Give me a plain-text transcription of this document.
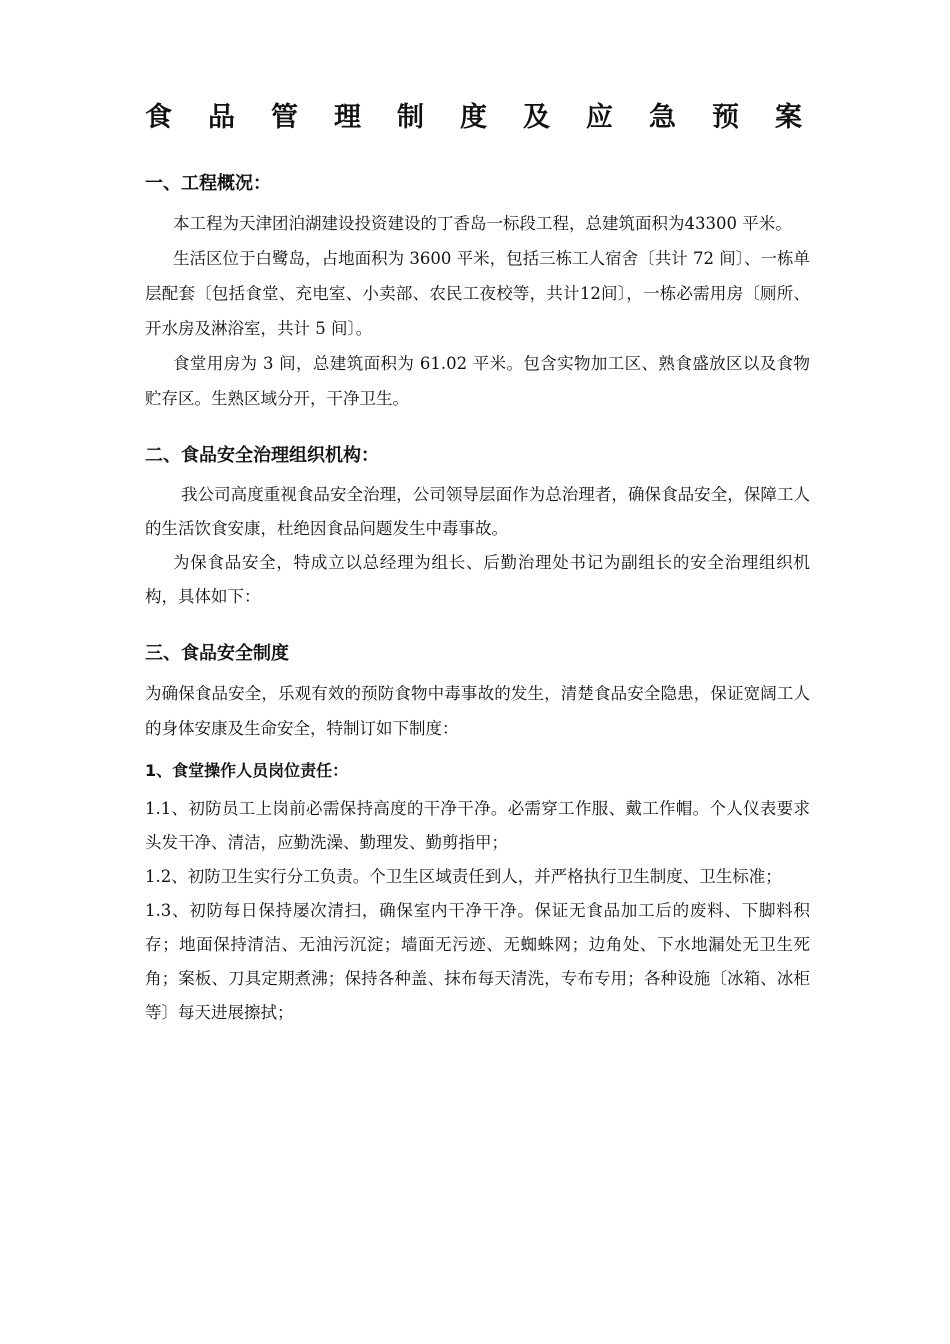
食品管理制度及应急预案
一、工程概况：

本工程为天津团泊湖建设投资建设的丁香岛一标段工程，总建筑面积为43300 平米。

生活区位于白鹭岛，占地面积为 3600 平米，包括三栋工人宿舍〔共计 72 间〕、一栋单层配套〔包括食堂、充电室、小卖部、农民工夜校等，共计12间〕，一栋必需用房〔厕所、开水房及淋浴室，共计 5 间〕。

食堂用房为 3 间，总建筑面积为 61.02 平米。包含实物加工区、熟食盛放区以及食物贮存区。生熟区域分开，干净卫生。

二、食品安全治理组织机构：

我公司高度重视食品安全治理，公司领导层面作为总治理者，确保食品安全，保障工人的生活饮食安康，杜绝因食品问题发生中毒事故。

为保食品安全，特成立以总经理为组长、后勤治理处书记为副组长的安全治理组织机构，具体如下：

三、食品安全制度

为确保食品安全，乐观有效的预防食物中毒事故的发生，清楚食品安全隐患，保证宽阔工人的身体安康及生命安全，特制订如下制度：

1、食堂操作人员岗位责任：

1.1、初防员工上岗前必需保持高度的干净干净。必需穿工作服、戴工作帽。个人仪表要求头发干净、清洁，应勤洗澡、勤理发、勤剪指甲；

1.2、初防卫生实行分工负责。个卫生区域责任到人，并严格执行卫生制度、卫生标准；

1.3、初防每日保持屡次清扫，确保室内干净干净。保证无食品加工后的废料、下脚料积存；地面保持清洁、无油污沉淀；墙面无污迹、无蜘蛛网；边角处、下水地漏处无卫生死角；案板、刀具定期煮沸；保持各种盖、抹布每天清洗，专布专用；各种设施〔冰箱、冰柜等〕每天进展擦拭；
